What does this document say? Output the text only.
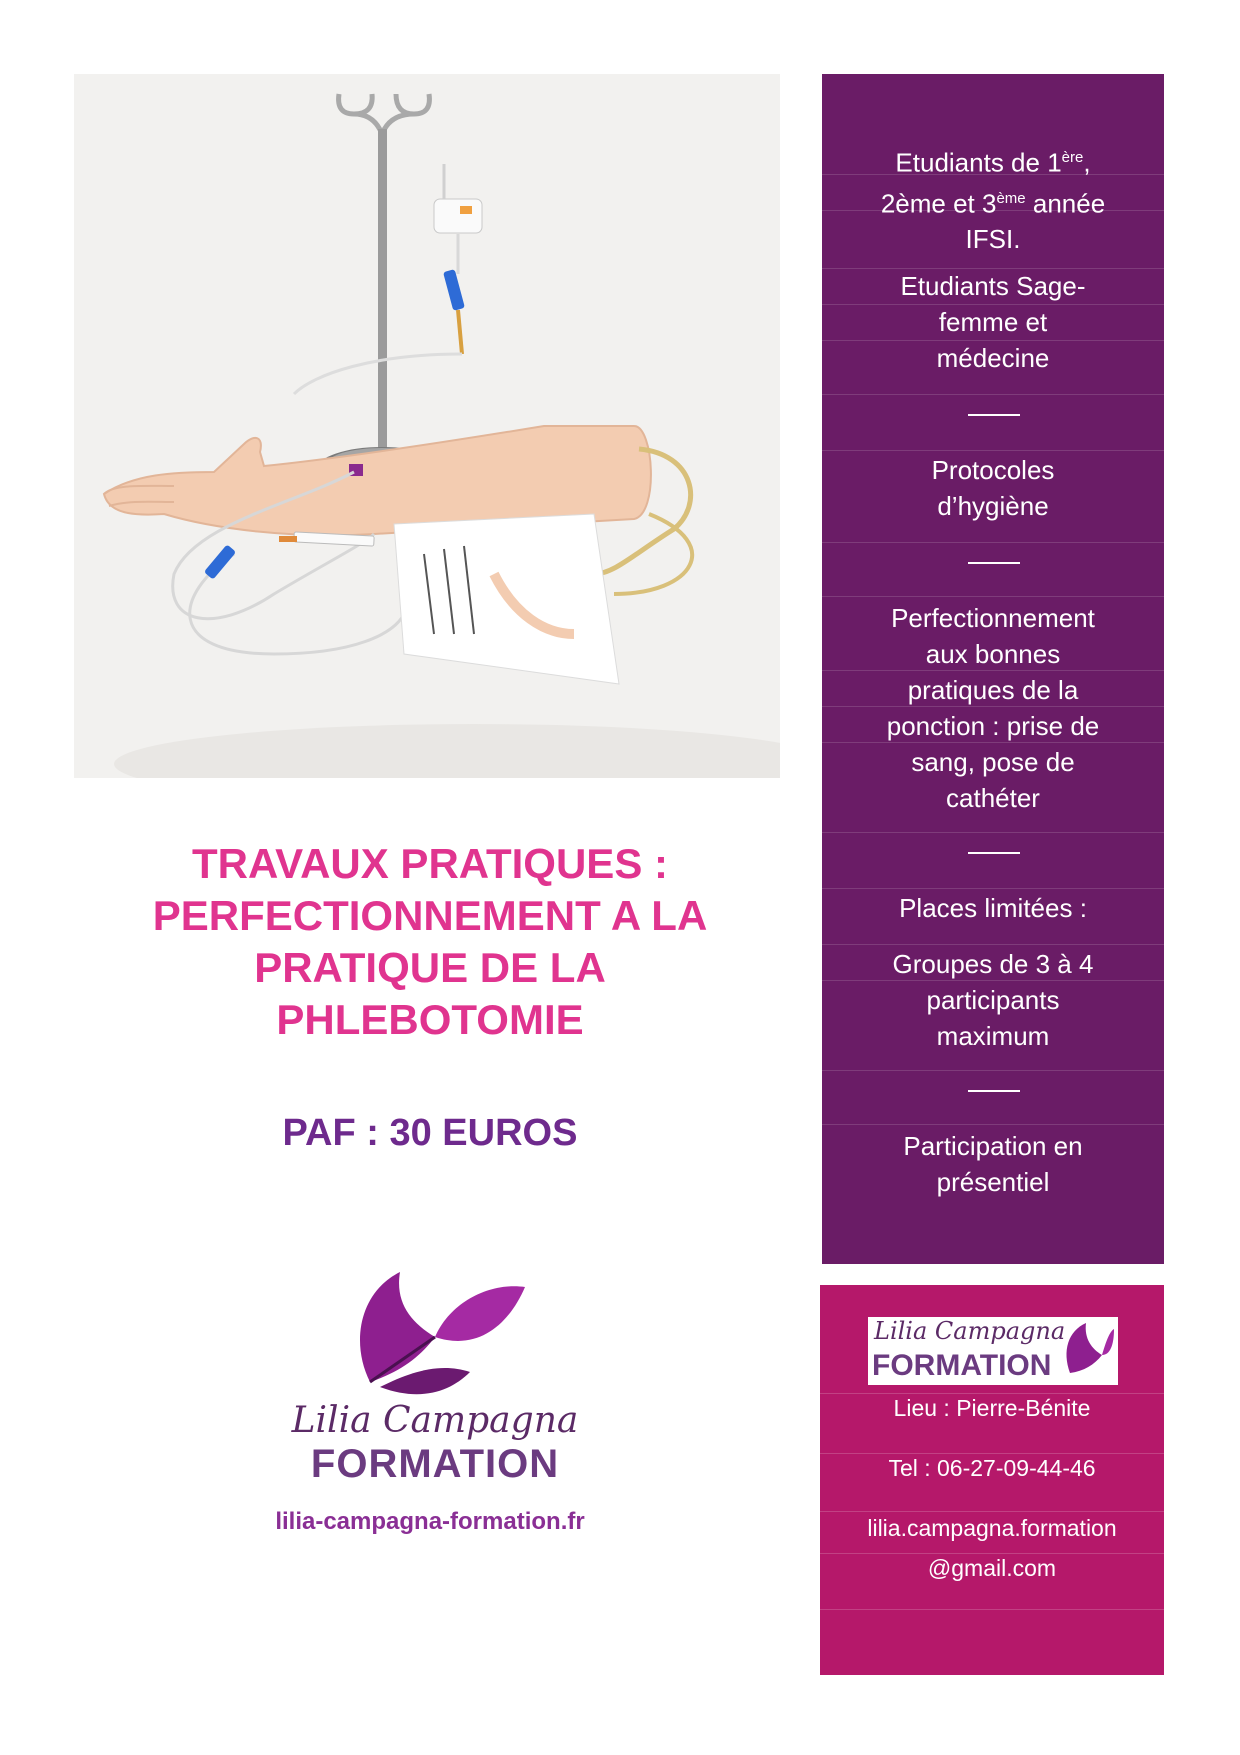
TRAVAUX PRATIQUES :
PERFECTIONNEMENT A LA
PRATIQUE DE LA
PHLEBOTOMIE
PAF : 30 EUROS
Lilia Campagna
FORMATION
lilia-campagna-formation.fr
Etudiants de 1ère,
2ème et 3ème année
IFSI.
Etudiants Sage-
femme et
médecine
Protocoles
d’hygiène
Perfectionnement
aux bonnes
pratiques de la
ponction : prise de
sang, pose de
cathéter
Places limitées :
Groupes de 3 à 4
participants
maximum
Participation en
présentiel
Lilia Campagna
FORMATION
Lieu : Pierre-Bénite
Tel : 06-27-09-44-46
lilia.campagna.formation
@gmail.com
